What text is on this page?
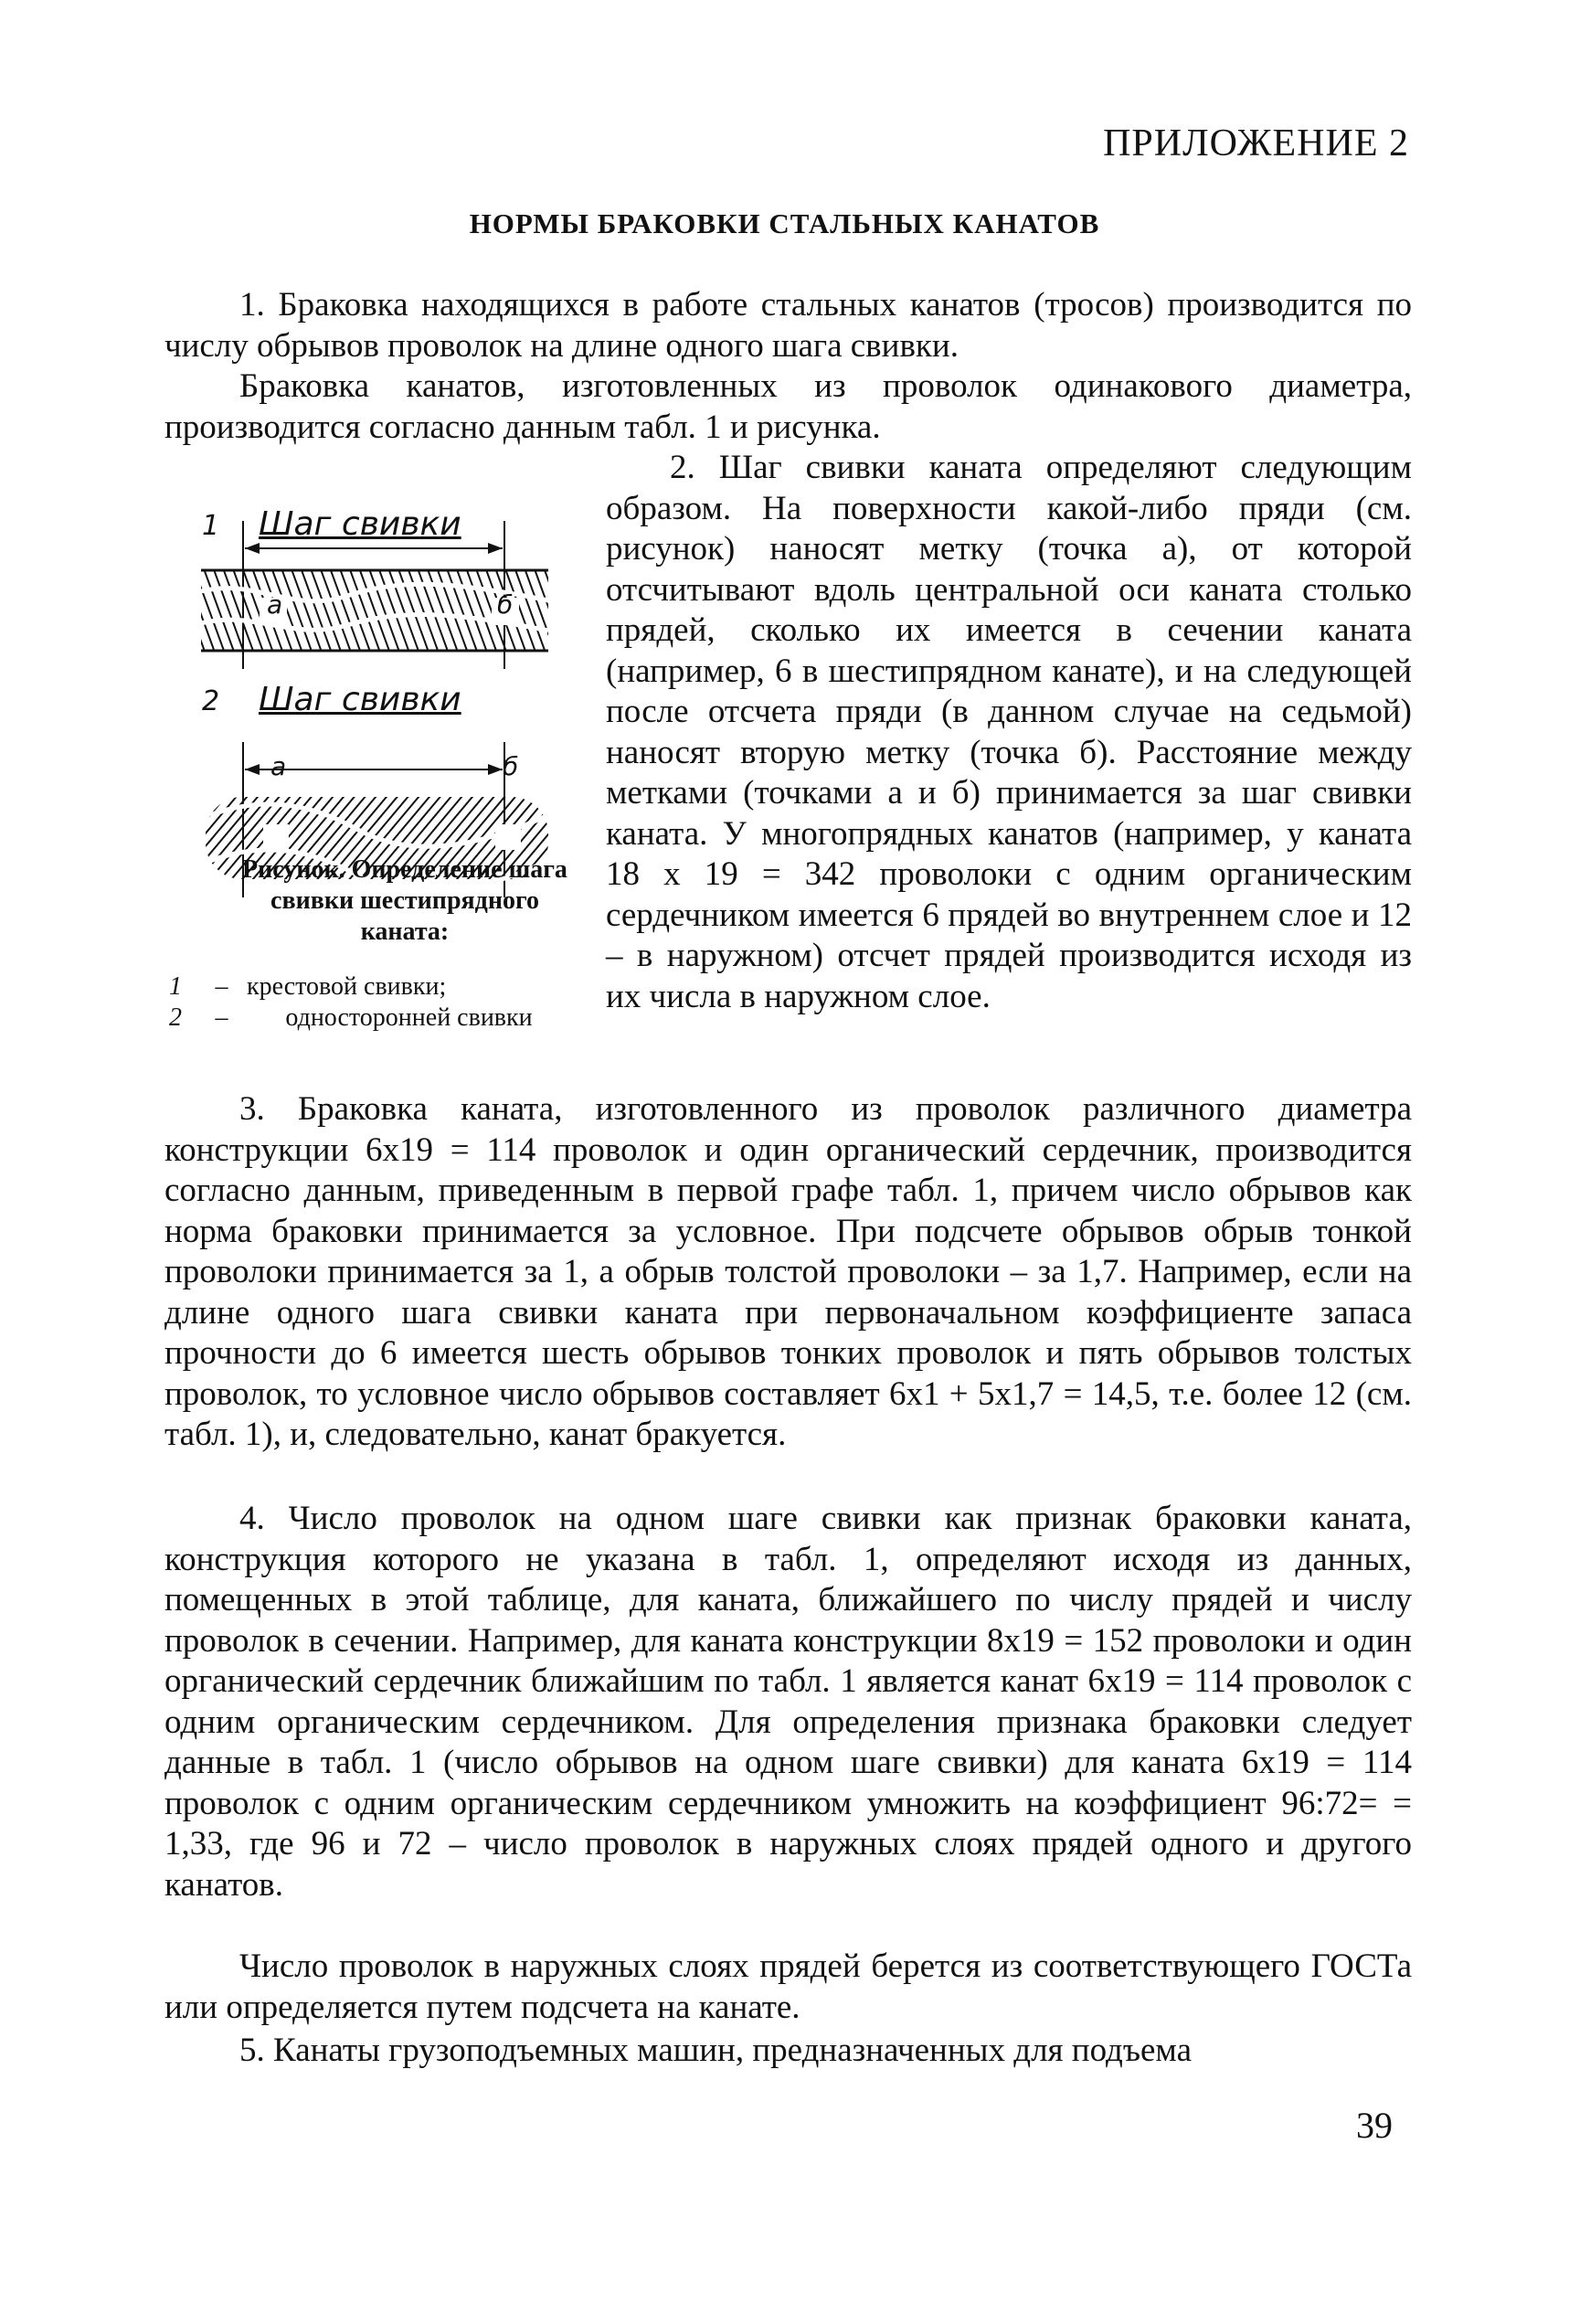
ПРИЛОЖЕНИЕ 2
НОРМЫ БРАКОВКИ СТАЛЬНЫХ КАНАТОВ

1. Браковка находящихся в работе стальных канатов (тросов) производится по числу обрывов проволок на длине одного шага свивки.

Браковка канатов, изготовленных из проволок одинакового диаметра, производится согласно данным табл. 1 и рисунка.

1 Шаг свивки
а	б
2 Шаг свивки
а	б
Рисунок. Определение шага свивки шестипрядного каната:
1	– крестовой свивки;
2	–	односторонней свивки

2. Шаг свивки каната определяют следующим образом. На поверхности какой-либо пряди (см. рисунок) наносят метку (точка а), от которой отсчитывают вдоль центральной оси каната столько прядей, сколько их имеется в сечении каната (например, 6 в шестипрядном канате), и на следующей после отсчета пряди (в данном случае на седьмой) наносят вторую метку (точка б). Расстояние между метками (точками а и б) принимается за шаг свивки каната. У многопрядных канатов (например, у каната 18 х 19 = 342 проволоки с одним органическим сердечником имеется 6 прядей во внутреннем слое и 12 – в наружном) отсчет прядей производится исходя из их числа в наружном слое.

3. Браковка каната, изготовленного из проволок различного диаметра конструкции 6х19 = 114 проволок и один органический сердечник, производится согласно данным, приведенным в первой графе табл. 1, причем число обрывов как норма браковки принимается за условное. При подсчете обрывов обрыв тонкой проволоки принимается за 1, а обрыв толстой проволоки – за 1,7. Например, если на длине одного шага свивки каната при первоначальном коэффициенте запаса прочности до 6 имеется шесть обрывов тонких проволок и пять обрывов толстых проволок, то условное число обрывов составляет 6х1 + 5х1,7 = 14,5, т.е. более 12 (см. табл. 1), и, следовательно, канат бракуется.

4. Число проволок на одном шаге свивки как признак браковки каната, конструкция которого не указана в табл. 1, определяют исходя из данных, помещенных в этой таблице, для каната, ближайшего по числу прядей и числу проволок в сечении. Например, для каната конструкции 8х19 = 152 проволоки и один органический сердечник ближайшим по табл. 1 является канат 6х19 = 114 проволок с одним органическим сердечником. Для определения признака браковки следует данные в табл. 1 (число обрывов на одном шаге свивки) для каната 6х19 = 114 проволок с одним органическим сердечником умножить на коэффициент 96:72= = 1,33, где 96 и 72 – число проволок в наружных слоях прядей одного и другого канатов.

Число проволок в наружных слоях прядей берется из соответствующего ГОСТа или определяется путем подсчета на канате.

5. Канаты грузоподъемных машин, предназначенных для подъема

39
